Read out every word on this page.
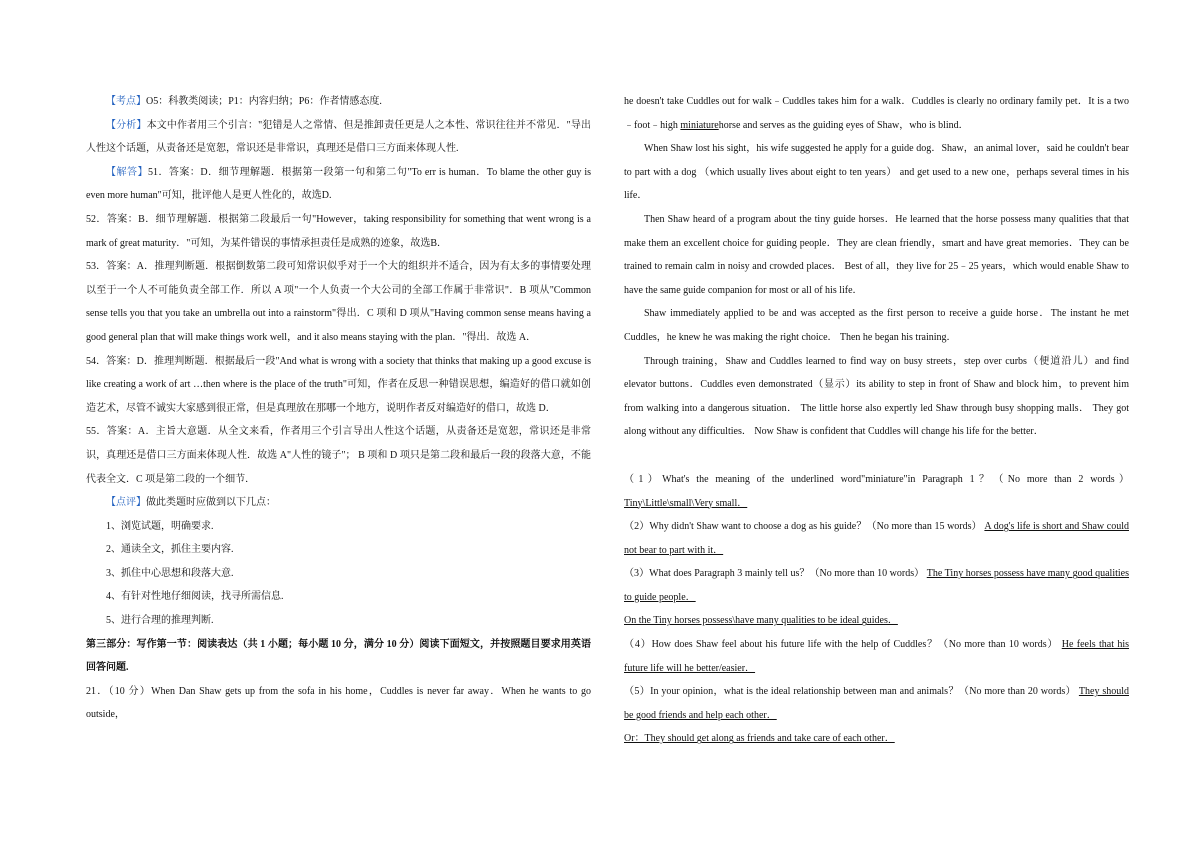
【考点】O5：科教类阅读；P1：内容归纳；P6：作者情感态度.

【分析】本文中作者用三个引言："犯错是人之常情、但是推卸责任更是人之本性、常识往往并不常见．"导出人性这个话题，从责备还是宽恕，常识还是非常识，真理还是借口三方面来体现人性.

【解答】51．答案：D．细节理解题．根据第一段第一句和第二句"To err is human．To blame the other guy is even more human"可知，批评他人是更人性化的，故选D.

52．答案：B．细节理解题．根据第二段最后一句"However，taking responsibility for something that went wrong is a mark of great maturity．"可知，为某件错误的事情承担责任是成熟的迹象，故选B．

53．答案：A．推理判断题．根据倒数第二段可知常识似乎对于一个大的组织并不适合，因为有太多的事情要处理以至于一个人不可能负责全部工作．所以 A 项"一个人负责一个大公司的全部工作属于非常识"．B 项从"Common sense tells you that you take an umbrella out into a rainstorm"得出．C 项和 D 项从"Having common sense means having a good general plan that will make things work well，and it also means staying with the plan．"得出．故选 A．

54．答案：D．推理判断题．根据最后一段"And what is wrong with a society that thinks that making up a good excuse is like creating a work of art …then where is the place of the truth"可知，作者在反思一种错误思想，编造好的借口就如创造艺术，尽管不诚实大家感到很正常，但是真理放在那哪一个地方，说明作者反对编造好的借口，故选 D．

55．答案：A．主旨大意题．从全文来看，作者用三个引言导出人性这个话题，从责备还是宽恕，常识还是非常识，真理还是借口三方面来体现人性．故选 A"人性的镜子"； B 项和 D 项只是第二段和最后一段的段落大意，不能代表全文．C 项是第二段的一个细节．

【点评】做此类题时应做到以下几点：

1、浏览试题，明确要求.

2、通读全文，抓住主要内容.

3、抓住中心思想和段落大意.

4、有针对性地仔细阅读，找寻所需信息.

5、进行合理的推理判断.

第三部分：写作第一节：阅读表达（共 1 小题；每小题 10 分，满分 10 分）阅读下面短文，并按照题目要求用英语回答问题.

21．（10 分）When Dan Shaw gets up from the sofa in his home，Cuddles is never far away．When he wants to go outside，

he doesn't take Cuddles out for walk﹣Cuddles takes him for a walk．Cuddles is clearly no ordinary family pet．It is a two﹣foot﹣high miniaturehorse and serves as the guiding eyes of Shaw，who is blind．

When Shaw lost his sight，his wife suggested he apply for a guide dog．Shaw，an animal lover，said he couldn't bear to part with a dog （which usually lives about eight to ten years） and get used to a new one，perhaps several times in his life．

Then Shaw heard of a program about the tiny guide horses．He learned that the horse possess many qualities that that make them an excellent choice for guiding people．They are clean friendly，smart and have great memories．They can be trained to remain calm in noisy and crowded places． Best of all，they live for 25﹣25 years，which would enable Shaw to have the same guide companion for most or all of his life．

Shaw immediately applied to be and was accepted as the first person to receive a guide horse．The instant he met Cuddles，he knew he was making the right choice． Then he began his training．

Through training，Shaw and Cuddles learned to find way on busy streets，step over curbs（便道沿儿）and find elevator buttons．Cuddles even demonstrated（显示）its ability to step in front of Shaw and block him，to prevent him from walking into a dangerous situation． The little horse also expertly led Shaw through busy shopping malls． They got along without any difficulties． Now Shaw is confident that Cuddles will change his life for the better．

（1）What's the meaning of the underlined word"miniature"in Paragraph 1？（No more than 2 words） Tiny\Little\small\Very small．

（2）Why didn't Shaw want to choose a dog as his guide？（No more than 15 words） A dog's life is short and Shaw could not bear to part with it．

（3）What does Paragraph 3 mainly tell us？（No more than 10 words） The Tiny horses possess have many good qualities to guide people．

On the Tiny horses possess\have many qualities to be ideal guides．

（4）How does Shaw feel about his future life with the help of Cuddles？（No more than 10 words） He feels that his future life will he better/easier．

（5）In your opinion，what is the ideal relationship between man and animals？（No more than 20 words） They should be good friends and help each other．

Or：They should get along as friends and take care of each other．
